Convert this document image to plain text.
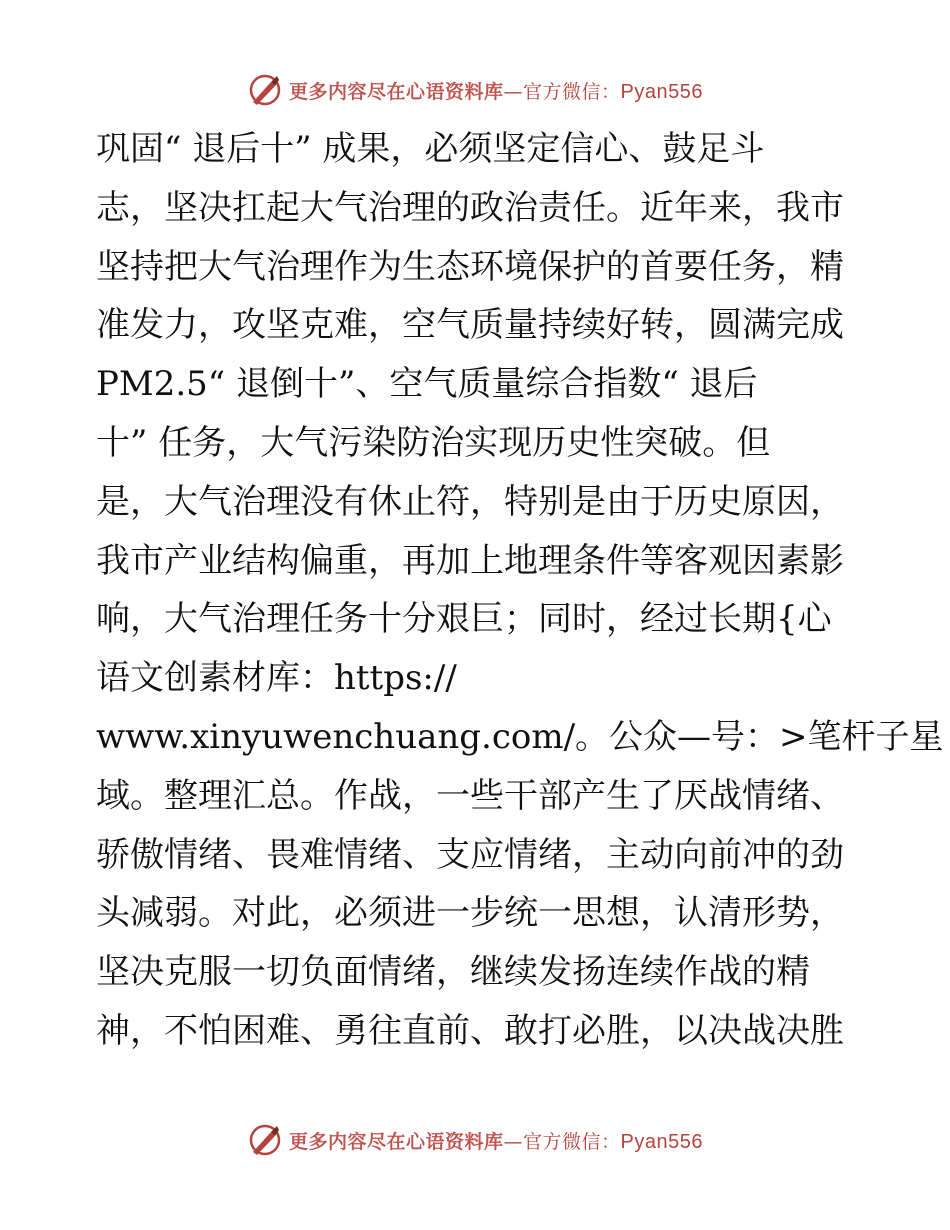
更多内容尽在心语资料库—官方微信：Pyan556
巩固“ 退后十” 成果，必须坚定信心、鼓足斗
志，坚决扛起大气治理的政治责任。近年来，我市
坚持把大气治理作为生态环境保护的首要任务，精
准发力，攻坚克难，空气质量持续好转，圆满完成
PM2.5“ 退倒十”、空气质量综合指数“ 退后
十” 任务，大气污染防治实现历史性突破。但
是，大气治理没有休止符，特别是由于历史原因，
我市产业结构偏重，再加上地理条件等客观因素影
响，大气治理任务十分艰巨；同时，经过长期{心
语文创素材库：https://
www.xinyuwenchuang.com/。公众—号：>笔杆子星
域。整理汇总。作战，一些干部产生了厌战情绪、
骄傲情绪、畏难情绪、支应情绪，主动向前冲的劲
头减弱。对此，必须进一步统一思想，认清形势，
坚决克服一切负面情绪，继续发扬连续作战的精
神，不怕困难、勇往直前、敢打必胜，以决战决胜
更多内容尽在心语资料库—官方微信：Pyan556
